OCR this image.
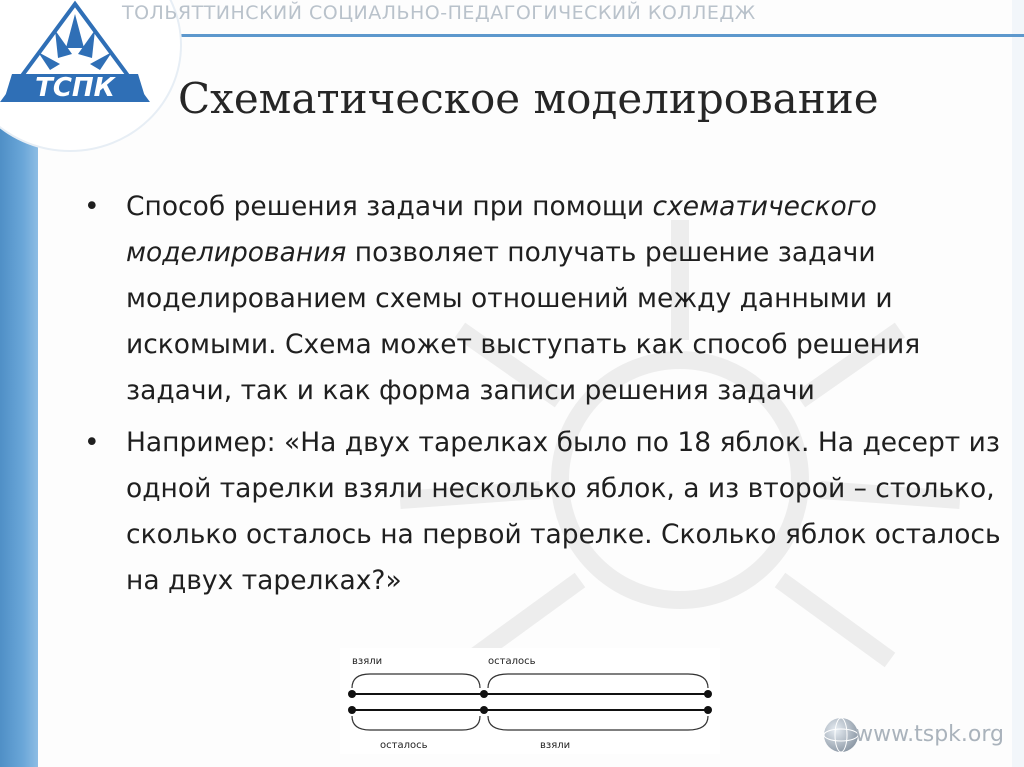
ТСПК
ТОЛЬЯТТИНСКИЙ СОЦИАЛЬНО-ПЕДАГОГИЧЕСКИЙ КОЛЛЕДЖ
Схематическое моделирование
• Способ решения задачи при помощи схематического моделирования позволяет получать решение задачи моделированием схемы отношений между данными и искомыми. Схема может выступать как способ решения задачи, так и как форма записи решения задачи
• Например: «На двух тарелках было по 18 яблок. На десерт из одной тарелки взяли несколько яблок, а из второй – столько, сколько осталось на первой тарелке. Сколько яблок осталось на двух тарелках?»
взяли	осталось
осталось	взяли	www.tspk.org
